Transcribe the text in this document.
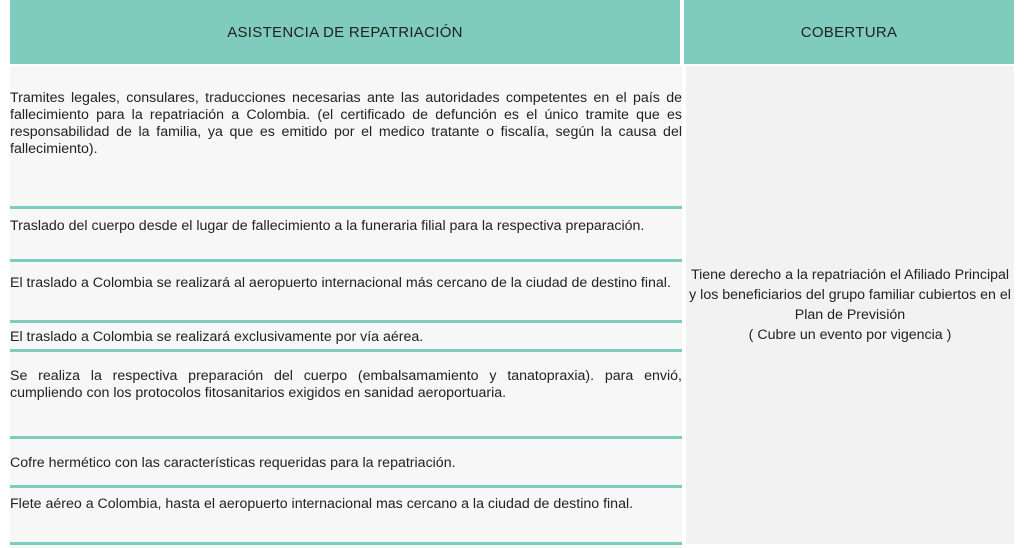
ASISTENCIA DE REPATRIACIÓN	COBERTURA
Tramites legales, consulares, traducciones necesarias ante las autoridades competentes en el país de fallecimiento para la repatriación a Colombia. (el certificado de defunción es el único tramite que es responsabilidad de la familia, ya que es emitido por el medico tratante o fiscalía, según la causa del fallecimiento).
Traslado del cuerpo desde el lugar de fallecimiento a la funeraria filial para la respectiva preparación.
El traslado a Colombia se realizará al aeropuerto internacional más cercano de la ciudad de destino final.
El traslado a Colombia se realizará exclusivamente por vía aérea.
Se realiza la respectiva preparación del cuerpo (embalsamamiento y tanatopraxia). para envió, cumpliendo con los protocolos fitosanitarios exigidos en sanidad aeroportuaria.
Cofre hermético con las características requeridas para la repatriación.
Flete aéreo a Colombia, hasta el aeropuerto internacional mas cercano a la ciudad de destino final.
Tiene derecho a la repatriación el Afiliado Principal y los beneficiarios del grupo familiar cubiertos en el Plan de Previsión
( Cubre un evento por vigencia )
